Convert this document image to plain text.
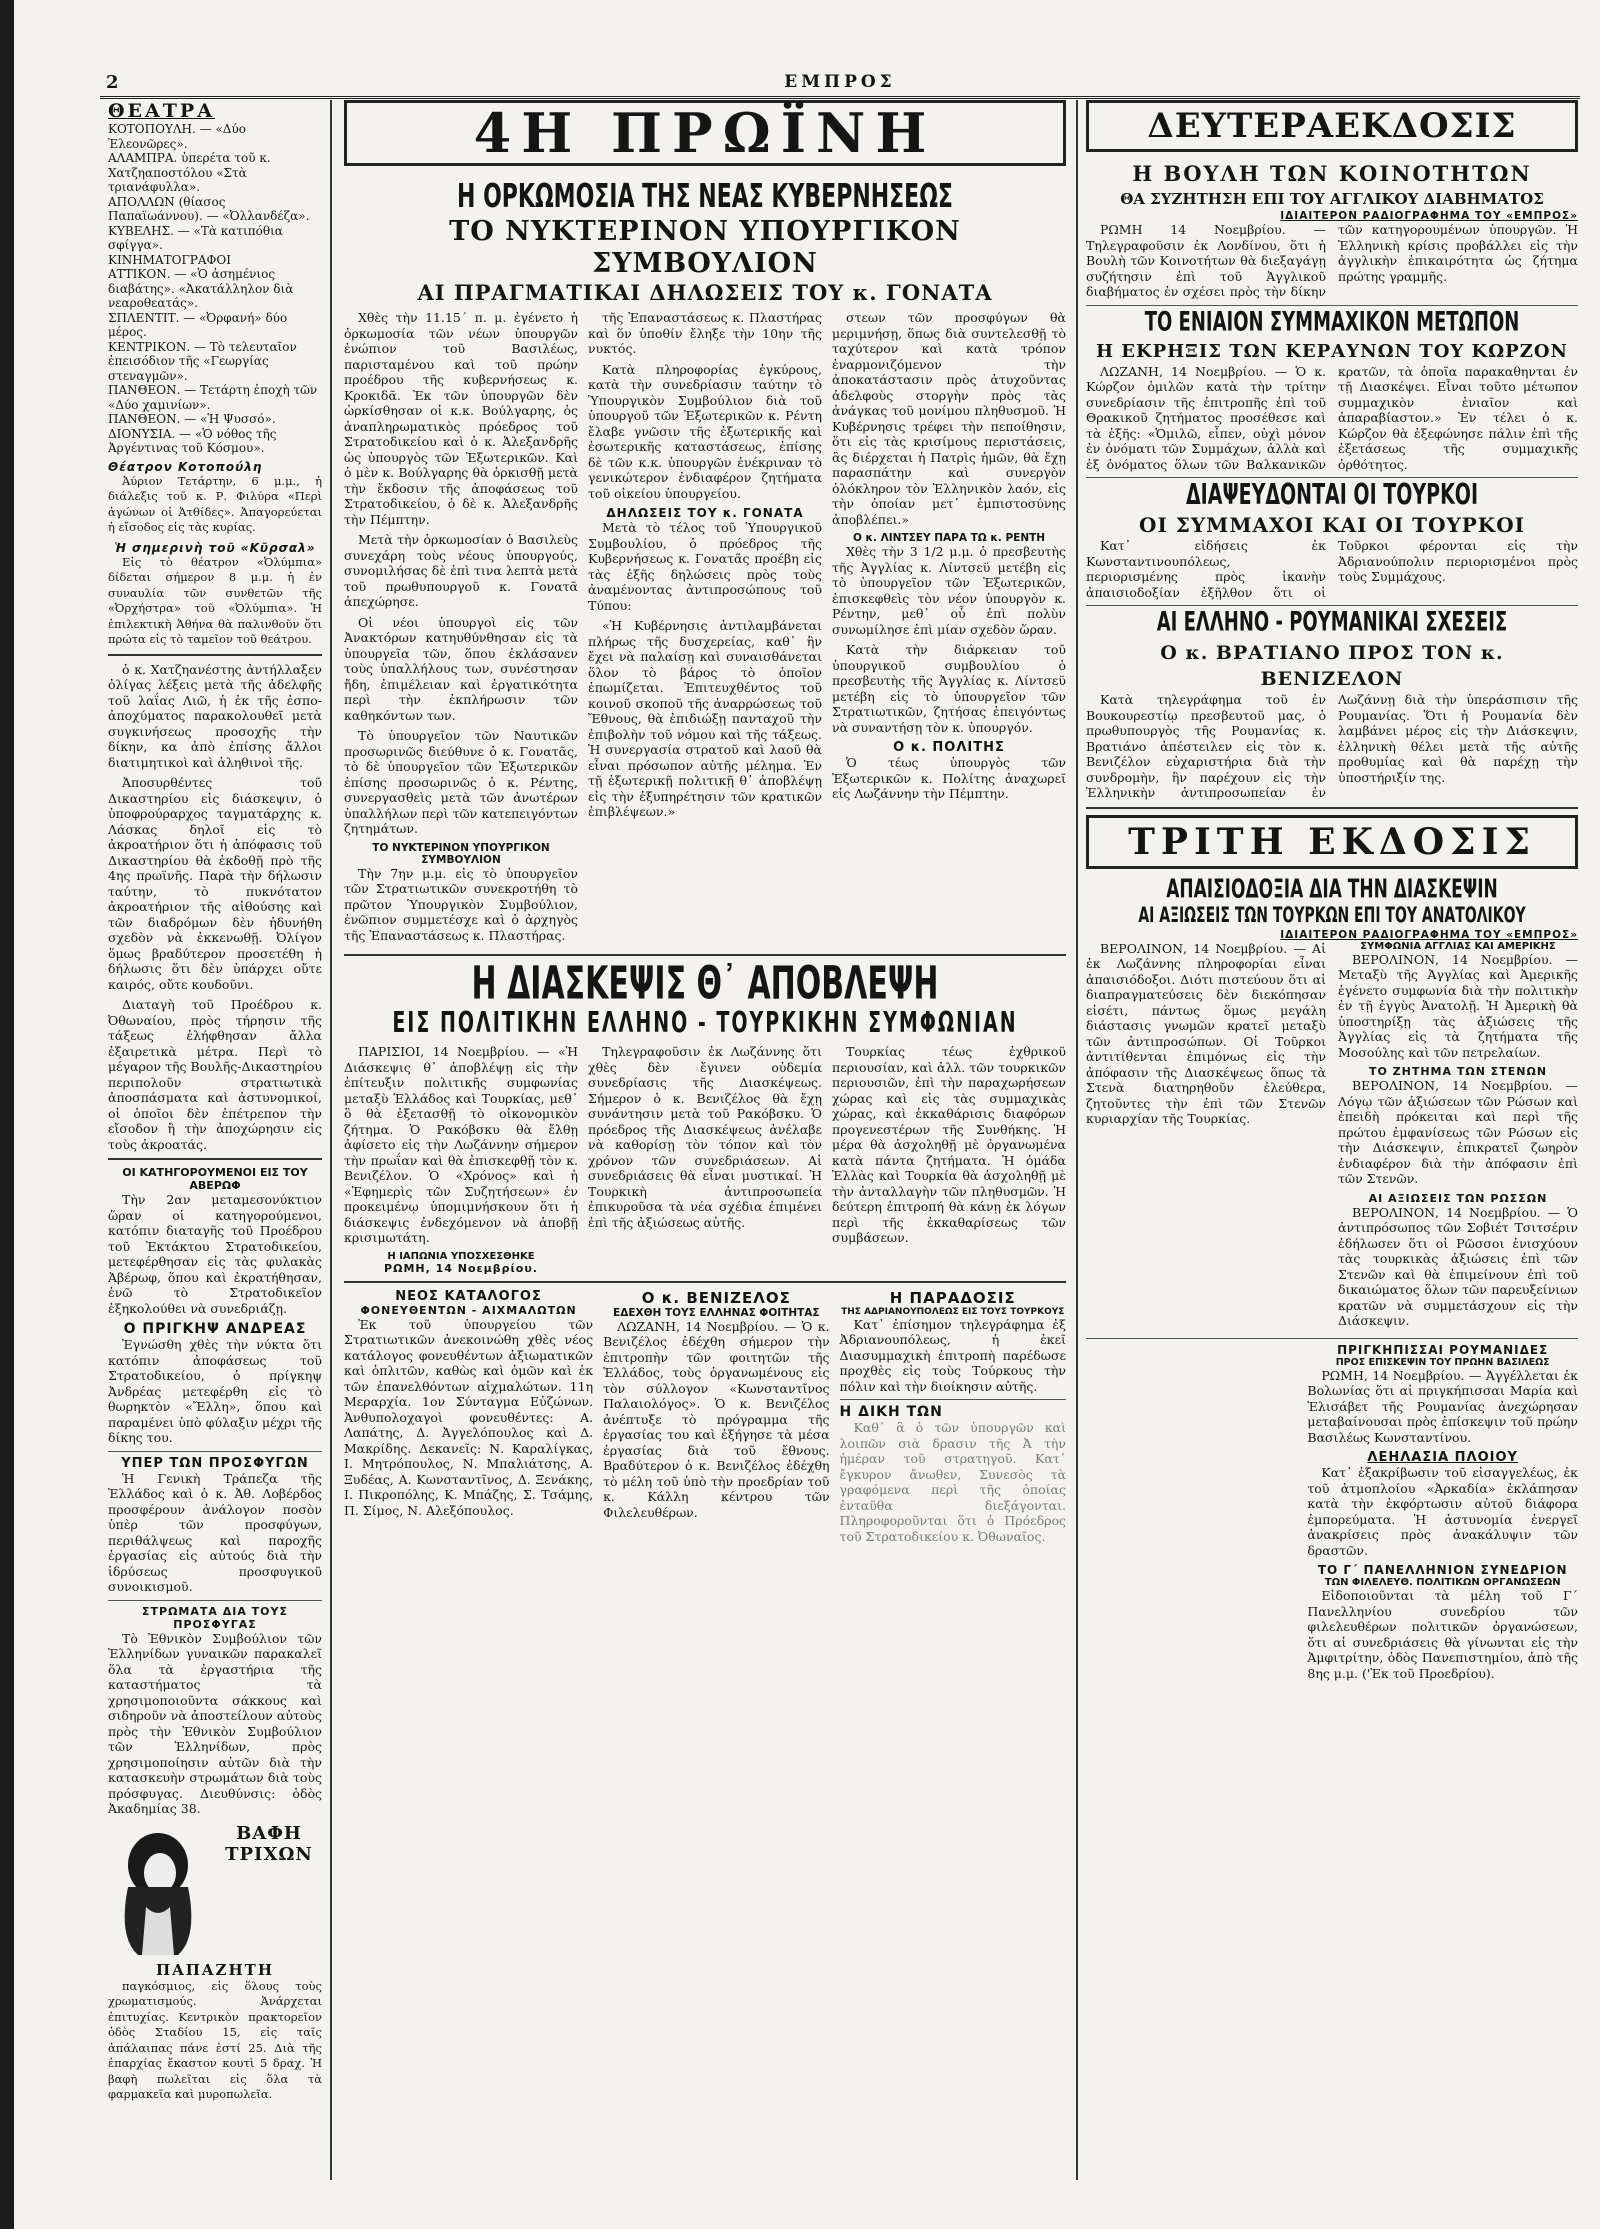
2	ΕΜΠΡΟΣ
ΘΕΑΤΡΑ

ΚΟΤΟΠΟΥΛΗ. — «Δύο Ἐλεονῶρες».

ΑΛΑΜΠΡΑ. ὑπερέτα τοῦ κ. Χατζηαποστόλου «Στὰ τριανάφυλλα».

ΑΠΟΛΛΩΝ (θίασος Παπαϊωάννου). — «Ὀλλανδέζα».

ΚΥΒΕΛΗΣ. — «Τὰ κατιπόθια σφίγγα».

ΚΙΝΗΜΑΤΟΓΡΑΦΟΙ

ΑΤΤΙΚΟΝ. — «Ὁ ἀσημένιος διαβάτης». «Ἀκατάλληλον διὰ νεαροθεατάς».

ΣΠΛΕΝΤΙΤ. — «Ὀρφανή» δύο μέρος.

ΚΕΝΤΡΙΚΟΝ. — Τὸ τελευταῖον ἐπεισόδιον τῆς «Γεωργίας στεναγμῶν».

ΠΑΝΘΕΟΝ. — Τετάρτη ἐποχὴ τῶν «Δύο χαμινίων».

ΠΑΝΘΕΟΝ. — «Ἡ Ψυσσό».

ΔΙΟΝΥΣΙΑ. — «Ὁ νόθος τῆς Ἀργέντινας τοῦ Κόσμου».

Θέατρον Κοτοπούλη

Ἀύριον Τετάρτην, 6 μ.μ., ἡ διάλεξις τοῦ κ. Ρ. Φιλύρα «Περὶ ἀγώνων οἱ Ἀτθίδες». Ἀπαγορεύεται ἡ εἴσοδος εἰς τὰς κυρίας.

Ἡ σημερινὴ τοῦ «Κῦρσαλ»

Εἰς τὸ θέατρον «Ὀλύμπια» δίδεται σήμερον 8 μ.μ. ἡ ἐν συναυλία τῶν συνθετῶν τῆς «Ὀρχήστρα» τοῦ «Ὀλύμπια». Ἡ ἐπιλεκτικὴ Ἀθήνα θὰ παλινθοῦν ὅτι πρώτα εἰς τὸ ταμεῖον τοῦ θεάτρου.

ὁ κ. Χατζηανέστης ἀντήλλαξεν ὀλίγας λέξεις μετὰ τῆς ἀδελφῆς τοῦ λαΐας Λιῶ, ἡ ἐκ τῆς ἐσπο-ἀποχύματος παρακολουθεῖ μετὰ συγκινήσεως προσοχῆς τὴν δίκην, κα ἀπὸ ἐπίσης ἄλλοι διατιμητικοὶ καὶ ἀληθινοὶ τῆς.

Ἀποσυρθέντες τοῦ Δικαστηρίου εἰς διάσκεψιν, ὁ ὑποφρούραρχος ταγματάρχης κ. Λάσκας δηλοῖ εἰς τὸ ἀκροατήριον ὅτι ἡ ἀπόφασις τοῦ Δικαστηρίου θὰ ἐκδοθῇ πρὸ τῆς 4ης πρωϊνῆς. Παρὰ τὴν δήλωσιν ταύτην, τὸ πυκνότατον ἀκροατήριον τῆς αἰθούσης καὶ τῶν διαδρόμων δὲν ἠδυνήθη σχεδὸν νὰ ἐκκενωθῇ. Ὀλίγον ὅμως βραδύτερον προσετέθη ἡ δήλωσις ὅτι δὲν ὑπάρχει οὔτε καιρός, οὔτε κουδοῦνι.

Διαταγὴ τοῦ Προέδρου κ. Ὀθωναίου, πρὸς τήρησιν τῆς τάξεως ἐλήφθησαν ἄλλα ἐξαιρετικὰ μέτρα. Περὶ τὸ μέγαρον τῆς Βουλῆς-Δικαστηρίου περιπολοῦν στρατιωτικὰ ἀποσπάσματα καὶ ἀστυνομικοί, οἱ ὁποῖοι δὲν ἐπέτρεπον τὴν εἴσοδον ἢ τὴν ἀποχώρησιν εἰς τοὺς ἀκροατάς.

ΟΙ ΚΑΤΗΓΟΡΟΥΜΕΝΟΙ ΕΙΣ ΤΟΥ ΑΒΕΡΩΦ

Τὴν 2αν μεταμεσονύκτιον ὥραν οἱ κατηγορούμενοι, κατόπιν διαταγῆς τοῦ Προέδρου τοῦ Ἐκτάκτου Στρατοδικείου, μετεφέρθησαν εἰς τὰς φυλακὰς Ἀβέρωφ, ὅπου καὶ ἐκρατήθησαν, ἐνῶ τὸ Στρατοδικεῖον ἐξηκολούθει νὰ συνεδριάζῃ.

Ο ΠΡΙΓΚΗΨ ΑΝΔΡΕΑΣ

Ἐγνώσθη χθὲς τὴν νύκτα ὅτι κατόπιν ἀποφάσεως τοῦ Στρατοδικείου, ὁ πρίγκηψ Ἀνδρέας μετεφέρθη εἰς τὸ θωρηκτὸν «Ἔλλη», ὅπου καὶ παραμένει ὑπὸ φύλαξιν μέχρι τῆς δίκης του.

ΥΠΕΡ ΤΩΝ ΠΡΟΣΦΥΓΩΝ

Ἡ Γενικὴ Τράπεζα τῆς Ἑλλάδος καὶ ὁ κ. Ἀθ. Λοβέρδος προσφέρουν ἀνάλογον ποσὸν ὑπὲρ τῶν προσφύγων, περιθάλψεως καὶ παροχῆς ἐργασίας εἰς αὐτούς διὰ τὴν ἱδρύσεως προσφυγικοῦ συνοικισμοῦ.

ΣΤΡΩΜΑΤΑ ΔΙΑ ΤΟΥΣ ΠΡΟΣΦΥΓΑΣ

Τὸ Ἐθνικὸν Συμβούλιον τῶν Ἑλληνίδων γυναικῶν παρακαλεῖ ὅλα τὰ ἐργαστήρια τῆς καταστήματος τὰ χρησιμοποιοῦντα σάκκους καὶ σιδηροῦν νὰ ἀποστείλουν αὐτοὺς πρὸς τὴν Ἐθνικὸν Συμβούλιον τῶν Ἑλληνίδων, πρὸς χρησιμοποίησιν αὐτῶν διὰ τὴν κατασκευὴν στρωμάτων διὰ τοὺς πρόσφυγας. Διευθύνσις: ὁδὸς Ἀκαδημίας 38.

ΒΑΦΗ ΤΡΙΧΩΝ
ΠΑΠΑΖΗΤΗ

παγκόσμιος, εἰς ὅλους τοὺς χρωματισμούς. Ἀνάρχεται ἐπιτυχίας. Κεντρικὸν πρακτορεῖον ὁδὸς Σταδίου 15, εἰς ταῖς ἀπάλαιπας πάνε ἐστί 25. Διὰ τῆς ἐπαρχίας ἔκαστον κουτὶ 5 δραχ. Ἡ βαφὴ πωλεῖται εἰς ὅλα τὰ φαρμακεῖα καὶ μυροπωλεῖα.

4Η ΠΡΩΪΝΗ
Η ΟΡΚΩΜΟΣΙΑ ΤΗΣ ΝΕΑΣ ΚΥΒΕΡΝΗΣΕΩΣ
ΤΟ ΝΥΚΤΕΡΙΝΟΝ ΥΠΟΥΡΓΙΚΟΝ ΣΥΜΒΟΥΛΙΟΝ
ΑΙ ΠΡΑΓΜΑΤΙΚΑΙ ΔΗΛΩΣΕΙΣ ΤΟΥ κ. ΓΟΝΑΤΑ

Χθὲς τὴν 11.15΄ π. μ. ἐγένετο ἡ ὁρκωμοσία τῶν νέων ὑπουργῶν ἐνώπιον τοῦ Βασιλέως, παρισταμένου καὶ τοῦ πρώην προέδρου τῆς κυβερνήσεως κ. Κροκιδᾶ. Ἐκ τῶν ὑπουργῶν δὲν ὡρκίσθησαν οἱ κ.κ. Βούλγαρης, ὁς ἀναπληρωματικὸς πρόεδρος τοῦ Στρατοδικείου καὶ ὁ κ. Ἀλεξανδρῆς ὡς ὑπουργὸς τῶν Ἐξωτερικῶν. Καὶ ὁ μὲν κ. Βούλγαρης θὰ ὁρκισθῇ μετὰ τὴν ἔκδοσιν τῆς ἀποφάσεως τοῦ Στρατοδικείου, ὁ δὲ κ. Ἀλεξανδρῆς τὴν Πέμπτην.

Μετὰ τὴν ὁρκωμοσίαν ὁ Βασιλεὺς συνεχάρη τοὺς νέους ὑπουργούς, συνομιλήσας δὲ ἐπὶ τινα λεπτὰ μετὰ τοῦ πρωθυπουργοῦ κ. Γονατᾶ ἀπεχώρησε.

Οἱ νέοι ὑπουργοὶ εἰς τῶν Ἀνακτόρων κατηυθύνθησαν εἰς τὰ ὑπουργεῖα τῶν, ὅπου ἐκλάσανεν τοὺς ὑπαλλήλους των, συνέστησαν ἤδη, ἐπιμέλειαν καὶ ἐργατικότητα περὶ τὴν ἐκπλήρωσιν τῶν καθηκόντων των.

Τὸ ὑπουργεῖον τῶν Ναυτικῶν προσωρινῶς διεύθυνε ὁ κ. Γονατᾶς, τὸ δὲ ὑπουργεῖον τῶν Ἐξωτερικῶν ἐπίσης προσωρινῶς ὁ κ. Ρέντης, συνεργασθεὶς μετὰ τῶν ἀνωτέρων ὑπαλλήλων περὶ τῶν κατεπειγόντων ζητημάτων.

ΤΟ ΝΥΚΤΕΡΙΝΟΝ ΥΠΟΥΡΓΙΚΟΝ ΣΥΜΒΟΥΛΙΟΝ

Τὴν 7ην μ.μ. εἰς τὸ ὑπουργεῖον τῶν Στρατιωτικῶν συνεκροτήθη τὸ πρῶτον Ὑπουργικὸν Συμβούλιον, ἐνῶπιον συμμετέσχε καὶ ὁ ἀρχηγὸς τῆς Ἐπαναστάσεως κ. Πλαστήρας.

τῆς Ἐπαναστάσεως κ. Πλαστήρας καὶ ὅν ὑποθίν ἔληξε τὴν 10ην τῆς νυκτός.

Κατὰ πληροφορίας ἐγκύρους, κατὰ τὴν συνεδρίασιν ταύτην τὸ Ὑπουργικὸν Συμβούλιον διὰ τοῦ ὑπουργοῦ τῶν Ἐξωτερικῶν κ. Ρέντη ἔλαβε γνῶσιν τῆς ἐξωτερικῆς καὶ ἐσωτερικῆς καταστάσεως, ἐπίσης δὲ τῶν κ.κ. ὑπουργῶν ἐνέκριναν τὸ γενικώτερον ἐνδιαφέρον ζητήματα τοῦ οἰκείου ὑπουργείου.

ΔΗΛΩΣΕΙΣ ΤΟΥ κ. ΓΟΝΑΤΑ

Μετὰ τὸ τέλος τοῦ Ὑπουργικοῦ Συμβουλίου, ὁ πρόεδρος τῆς Κυβερνήσεως κ. Γονατᾶς προέβη εἰς τὰς ἑξῆς δηλώσεις πρὸς τοὺς ἀναμένοντας ἀντιπροσώπους τοῦ Τύπου:

«Ἡ Κυβέρνησις ἀντιλαμβάνεται πλήρως τῆς δυσχερείας, καθ᾽ ἣν ἔχει νὰ παλαίσῃ καὶ συναισθάνεται ὅλον τὸ βάρος τὸ ὁποῖον ἐπωμίζεται. Ἐπιτευχθέντος τοῦ κοινοῦ σκοποῦ τῆς ἀναρρώσεως τοῦ Ἔθνους, θὰ ἐπιδιώξῃ πανταχοῦ τὴν ἐπιβολὴν τοῦ νόμου καὶ τῆς τάξεως. Ἡ συνεργασία στρατοῦ καὶ λαοῦ θὰ εἶναι πρόσωπον αὐτῆς μέλημα. Ἐν τῇ ἐξωτερικῇ πολιτικῇ θ᾽ ἀποβλέψῃ εἰς τὴν ἐξυπηρέτησιν τῶν κρατικῶν ἐπιβλέψεων.»

στεων τῶν προσφύγων θὰ μεριμνήσῃ, ὅπως διὰ συντελεσθῇ τὸ ταχύτερον καὶ κατὰ τρόπον ἐναρμονιζόμενον τὴν ἀποκατάστασιν πρὸς ἀτυχοῦντας ἀδελφοὺς στοργὴν πρὸς τὰς ἀνάγκας τοῦ μονίμου πληθυσμοῦ. Ἡ Κυβέρνησις τρέφει τὴν πεποίθησιν, ὅτι εἰς τὰς κρισίμους περιστάσεις, ἃς διέρχεται ἡ Πατρὶς ἡμῶν, θὰ ἔχῃ παρασπάτην καὶ συνεργὸν ὁλόκληρον τὸν Ἑλληνικὸν λαόν, εἰς τὴν ὁποίαν μετ᾽ ἐμπιστοσύνης ἀποβλέπει.»

Ο κ. ΛΙΝΤΣΕΥ ΠΑΡΑ ΤΩ κ. ΡΕΝΤΗ

Χθὲς τὴν 3 1/2 μ.μ. ὁ πρεσβευτὴς τῆς Ἀγγλίας κ. Λίντσεϋ μετέβη εἰς τὸ ὑπουργεῖον τῶν Ἐξωτερικῶν, ἐπισκεφθεὶς τὸν νέον ὑπουργὸν κ. Ρέντην, μεθ᾽ οὗ ἐπὶ πολὺν συνωμίλησε ἐπὶ μίαν σχεδὸν ὥραν.

Κατὰ τὴν διάρκειαν τοῦ ὑπουργικοῦ συμβουλίου ὁ πρεσβευτὴς τῆς Ἀγγλίας κ. Λίντσεϋ μετέβη εἰς τὸ ὑπουργεῖον τῶν Στρατιωτικῶν, ζητήσας ἐπειγόντως νὰ συναντήσῃ τὸν κ. ὑπουργόν.

Ο κ. ΠΟΛΙΤΗΣ

Ὁ τέως ὑπουργὸς τῶν Ἐξωτερικῶν κ. Πολίτης ἀναχωρεῖ εἰς Λωζάννην τὴν Πέμπτην.

Η ΔΙΑΣΚΕΨΙΣ Θ᾽ ΑΠΟΒΛΕΨΗ
ΕΙΣ ΠΟΛΙΤΙΚΗΝ ΕΛΛΗΝΟ - ΤΟΥΡΚΙΚΗΝ ΣΥΜΦΩΝΙΑΝ

ΠΑΡΙΣΙΟΙ, 14 Νοεμβρίου. — «Ἡ Διάσκεψις θ᾽ ἀποβλέψῃ εἰς τὴν ἐπίτευξιν πολιτικῆς συμφωνίας μεταξὺ Ἑλλάδος καὶ Τουρκίας, μεθ᾽ ὃ θὰ ἐξετασθῇ τὸ οἰκονομικὸν ζήτημα. Ὁ Ρακόβσκυ θὰ ἔλθῃ ἀφίσετο εἰς τὴν Λωζάννην σήμερον τὴν πρωΐαν καὶ θὰ ἐπισκεφθῇ τὸν κ. Βενιζέλον. Ὁ «Χρόνος» καὶ ἡ «Ἐφημερὶς τῶν Συζητήσεων» ἐν προκειμένῳ ὑπομιμνήσκουν ὅτι ἡ διάσκεψις ἐνδεχόμενον νὰ ἀποβῇ κρισιμωτάτη.

Η ΙΑΠΩΝΙΑ ΥΠΟΣΧΕΣΘΗΚΕ
ΡΩΜΗ, 14 Νοεμβρίου.

Τηλεγραφοῦσιν ἐκ Λωζάννης ὅτι χθὲς δὲν ἔγινεν οὐδεμία συνεδρίασις τῆς Διασκέψεως. Σήμερον ὁ κ. Βενιζέλος θὰ ἔχῃ συνάντησιν μετὰ τοῦ Ρακόβσκυ. Ὁ πρόεδρος τῆς Διασκέψεως ἀνέλαβε νὰ καθορίσῃ τὸν τόπον καὶ τὸν χρόνον τῶν συνεδριάσεων. Αἱ συνεδριάσεις θὰ εἶναι μυστικαί. Ἡ Τουρκικὴ ἀντιπροσωπεία ἐπικυροῦσα τὰ νέα σχέδια ἐπιμένει ἐπὶ τῆς ἀξιώσεως αὐτῆς.

Τουρκίας τέως ἐχθρικοῦ περιουσίαν, καὶ ἀλλ. τῶν τουρκικῶν περιουσιῶν, ἐπὶ τὴν παραχωρήσεων χώρας καὶ εἰς τὰς συμμαχικὰς χώρας, καὶ ἐκκαθάρισις διαφόρων προγενεστέρων τῆς Συνθήκης. Ἡ μέρα θὰ ἀσχοληθῇ μὲ ὀργανωμένα κατὰ πάντα ζητήματα. Ἡ ὁμάδα Ἑλλὰς καὶ Τουρκία θὰ ἀσχοληθῇ μὲ τὴν ἀνταλλαγὴν τῶν πληθυσμῶν. Ἡ δεύτερη ἐπιτροπή θὰ κάνῃ ἐκ λόγων περὶ τῆς ἐκκαθαρίσεως τῶν συμβάσεων.

ΝΕΟΣ ΚΑΤΑΛΟΓΟΣ
ΦΟΝΕΥΘΕΝΤΩΝ - ΑΙΧΜΑΛΩΤΩΝ

Ἐκ τοῦ ὑπουργείου τῶν Στρατιωτικῶν ἀνεκοινώθη χθὲς νέος κατάλογος φονευθέντων ἀξιωματικῶν καὶ ὁπλιτῶν, καθὼς καὶ ὁμῶν καὶ ἐκ τῶν ἐπανελθόντων αἰχμαλώτων. 11η Μεραρχία. 1ον Σύνταγμα Εὐζώνων. Ἀνθυπολοχαγοὶ φονευθέντες: Α. Λαπάτης, Δ. Ἀγγελόπουλος καὶ Δ. Μακρίδης. Δεκανεῖς: Ν. Καραλίγκας, Ι. Μητρόπουλος, Ν. Μπαλιάτσης, Α. Ξυδέας, Α. Κωνσταντῖνος, Δ. Ξενάκης, Ι. Πικροπόλης, Κ. Μπάζης, Σ. Τσάμης, Π. Σίμος, Ν. Αλεξόπουλος.

Ο κ. ΒΕΝΙΖΕΛΟΣ
ΕΔΕΧΘΗ ΤΟΥΣ ΕΛΛΗΝΑΣ ΦΟΙΤΗΤΑΣ

ΛΩΖΑΝΗ, 14 Νοεμβρίου. — Ὁ κ. Βενιζέλος ἐδέχθη σήμερον τὴν ἐπιτροπὴν τῶν φοιτητῶν τῆς Ἑλλάδος, τοὺς ὀργανωμένους εἰς τὸν σύλλογον «Κωνσταντῖνος Παλαιολόγος». Ὁ κ. Βενιζέλος ἀνέπτυξε τὸ πρόγραμμα τῆς ἐργασίας του καὶ ἐξήγησε τὰ μέσα ἐργασίας διὰ τοῦ ἔθνους. Βραδύτερον ὁ κ. Βενιζέλος ἐδέχθη τὸ μέλη τοῦ ὑπὸ τὴν προεδρίαν τοῦ κ. Κάλλη κέντρου τῶν Φιλελευθέρων.

Η ΠΑΡΑΔΟΣΙΣ
ΤΗΣ ΑΔΡΙΑΝΟΥΠΟΛΕΩΣ ΕΙΣ ΤΟΥΣ ΤΟΥΡΚΟΥΣ

Κατ᾽ ἐπίσημον τηλεγράφημα ἐξ Ἀδριανουπόλεως, ἡ ἐκεῖ Διασυμμαχικὴ ἐπιτροπὴ παρέδωσε προχθὲς εἰς τοὺς Τούρκους τὴν πόλιν καὶ τὴν διοίκησιν αὐτῆς.

Η ΔΙΚΗ ΤΩΝ

Καθ᾽ ἃ ὁ τῶν ὑπουργῶν καὶ λοιπῶν σιὰ δρασιν τῆς Ἀ τὴν ἡμέραν τοῦ στρατηγοῦ. Κατ᾽ ἔγκυρον ἄνωθεν, Συνεσὸς τὰ γραφόμενα περὶ τῆς ὁποίας ἐνταῦθα διεξάγονται. Πληροφοροῦνται ὅτι ὁ Πρόεδρος τοῦ Στρατοδικείου κ. Ὀθωναῖος.

ΔΕΥΤΕΡΑΕΚΔΟΣΙΣ
Η ΒΟΥΛΗ ΤΩΝ ΚΟΙΝΟΤΗΤΩΝ
ΘΑ ΣΥΖΗΤΗΣΗ ΕΠΙ ΤΟΥ ΑΓΓΛΙΚΟΥ ΔΙΑΒΗΜΑΤΟΣ
ΙΔΙΑΙΤΕΡΟΝ ΡΑΔΙΟΓΡΑΦΗΜΑ ΤΟΥ «ΕΜΠΡΟΣ»

ΡΩΜΗ 14 Νοεμβρίου. — Τηλεγραφοῦσιν ἐκ Λονδίνου, ὅτι ἡ Βουλὴ τῶν Κοινοτήτων θὰ διεξαγάγῃ συζήτησιν ἐπὶ τοῦ Ἀγγλικοῦ διαβήματος ἐν σχέσει πρὸς τὴν δίκην τῶν κατηγορουμένων ὑπουργῶν. Ἡ Ἑλληνικὴ κρίσις προβάλλει εἰς τὴν ἀγγλικὴν ἐπικαιρότητα ὡς ζήτημα πρώτης γραμμῆς.

ΤΟ ΕΝΙΑΙΟΝ ΣΥΜΜΑΧΙΚΟΝ ΜΕΤΩΠΟΝ
Η ΕΚΡΗΞΙΣ ΤΩΝ ΚΕΡΑΥΝΩΝ ΤΟΥ ΚΩΡΖΟΝ

ΛΩΖΑΝΗ, 14 Νοεμβρίου. — Ὁ κ. Κώρζον ὁμιλῶν κατὰ τὴν τρίτην συνεδρίασιν τῆς ἐπιτροπῆς ἐπὶ τοῦ Θρακικοῦ ζητήματος προσέθεσε καὶ τὰ ἑξῆς: «Ὁμιλῶ, εἶπεν, οὐχὶ μόνον ἐν ὀνόματι τῶν Συμμάχων, ἀλλὰ καὶ ἐξ ὀνόματος ὅλων τῶν Βαλκανικῶν κρατῶν, τὰ ὁποῖα παρακαθηνται ἐν τῇ Διασκέψει. Εἶναι τοῦτο μέτωπον συμμαχικὸν ἑνιαῖον καὶ ἀπαραβίαστον.» Ἐν τέλει ὁ κ. Κώρζον θὰ ἐξεφώνησε πάλιν ἐπὶ τῆς ἐξετάσεως τῆς συμμαχικῆς ὀρθότητος.

ΔΙΑΨΕΥΔΟΝΤΑΙ ΟΙ ΤΟΥΡΚΟΙ
ΟΙ ΣΥΜΜΑΧΟΙ ΚΑΙ ΟΙ ΤΟΥΡΚΟΙ

Κατ᾽ εἰδήσεις ἐκ Κωνσταντινουπόλεως, περιορισμένης πρὸς ἱκανὴν ἀπαισιοδοξίαν ἐξῆλθον ὅτι οἱ Τοῦρκοι φέρονται εἰς τὴν Ἀδριανούπολιν περιορισμένοι πρὸς τοὺς Συμμάχους.

ΑΙ ΕΛΛΗΝΟ - ΡΟΥΜΑΝΙΚΑΙ ΣΧΕΣΕΙΣ
Ο κ. ΒΡΑΤΙΑΝΟ ΠΡΟΣ ΤΟΝ κ. ΒΕΝΙΖΕΛΟΝ

Κατὰ τηλεγράφημα τοῦ ἐν Βουκουρεστίῳ πρεσβευτοῦ μας, ὁ πρωθυπουργὸς τῆς Ρουμανίας κ. Βρατιάνο ἀπέστειλεν εἰς τὸν κ. Βενιζέλον εὐχαριστήρια διὰ τὴν συνδρομὴν, ἣν παρέχουν εἰς τὴν Ἑλληνικὴν ἀντιπροσωπείαν ἐν Λωζάννῃ διὰ τὴν ὑπεράσπισιν τῆς Ρουμανίας. Ὅτι ἡ Ρουμανία δὲν λαμβάνει μέρος εἰς τὴν Διάσκεψιν, ἑλληνικὴ θέλει μετὰ τῆς αὐτῆς προθυμίας καὶ θὰ παρέχῃ τὴν ὑποστήριξίν της.

ΤΡΙΤΗ ΕΚΔΟΣΙΣ
ΑΠΑΙΣΙΟΔΟΞΙΑ ΔΙΑ ΤΗΝ ΔΙΑΣΚΕΨΙΝ
ΑΙ ΑΞΙΩΣΕΙΣ ΤΩΝ ΤΟΥΡΚΩΝ ΕΠΙ ΤΟΥ ΑΝΑΤΟΛΙΚΟΥ
ΙΔΙΑΙΤΕΡΟΝ ΡΑΔΙΟΓΡΑΦΗΜΑ ΤΟΥ «ΕΜΠΡΟΣ»

ΒΕΡΟΛΙΝΟΝ, 14 Νοεμβρίου. — Αἱ ἐκ Λωζάννης πληροφορίαι εἶναι ἀπαισιόδοξοι. Διότι πιστεύουν ὅτι αἱ διαπραγματεύσεις δὲν διεκόπησαν εἰσέτι, πάντως ὅμως μεγάλη διάστασις γνωμῶν κρατεῖ μεταξὺ τῶν ἀντιπροσώπων. Οἱ Τοῦρκοι ἀντιτίθενται ἐπιμόνως εἰς τὴν ἀπόφασιν τῆς Διασκέψεως ὅπως τὰ Στενὰ διατηρηθοῦν ἐλεύθερα, ζητοῦντες τὴν ἐπὶ τῶν Στενῶν κυριαρχίαν τῆς Τουρκίας.

ΣΥΜΦΩΝΙΑ ΑΓΓΛΙΑΣ ΚΑΙ ΑΜΕΡΙΚΗΣ

ΒΕΡΟΛΙΝΟΝ, 14 Νοεμβρίου. — Μεταξὺ τῆς Ἀγγλίας καὶ Ἀμερικῆς ἐγένετο συμφωνία διὰ τὴν πολιτικὴν ἐν τῇ ἐγγὺς Ἀνατολῇ. Ἡ Ἀμερικὴ θὰ ὑποστηρίξῃ τὰς ἀξιώσεις τῆς Ἀγγλίας εἰς τὰ ζητήματα τῆς Μοσούλης καὶ τῶν πετρελαίων.

ΤΟ ΖΗΤΗΜΑ ΤΩΝ ΣΤΕΝΩΝ

ΒΕΡΟΛΙΝΟΝ, 14 Νοεμβρίου. — Λόγῳ τῶν ἀξιώσεων τῶν Ρώσων καὶ ἐπειδὴ πρόκειται καὶ περὶ τῆς πρώτου ἐμφανίσεως τῶν Ρώσων εἰς τὴν Διάσκεψιν, ἐπικρατεῖ ζωηρὸν ἐνδιαφέρον διὰ τὴν ἀπόφασιν ἐπὶ τῶν Στενῶν.

ΑΙ ΑΞΙΩΣΕΙΣ ΤΩΝ ΡΩΣΣΩΝ

ΒΕΡΟΛΙΝΟΝ, 14 Νοεμβρίου. — Ὁ ἀντιπρόσωπος τῶν Σοβιέτ Τσιτσέριν ἐδήλωσεν ὅτι οἱ Ρῶσσοι ἐνισχύουν τὰς τουρκικὰς ἀξιώσεις ἐπὶ τῶν Στενῶν καὶ θὰ ἐπιμείνουν ἐπὶ τοῦ δικαιώματος ὅλων τῶν παρευξείνιων κρατῶν νὰ συμμετάσχουν εἰς τὴν Διάσκεψιν.

ΠΡΙΓΚΗΠΙΣΣΑΙ ΡΟΥΜΑΝΙΔΕΣ
ΠΡΟΣ ΕΠΙΣΚΕΨΙΝ ΤΟΥ ΠΡΩΗΝ ΒΑΣΙΛΕΩΣ

ΡΩΜΗ, 14 Νοεμβρίου. — Ἀγγέλλεται ἐκ Βολωνίας ὅτι αἱ πριγκήπισσαι Μαρία καὶ Ἑλισάβετ τῆς Ρουμανίας ἀνεχώρησαν μεταβαίνουσαι πρὸς ἐπίσκεψιν τοῦ πρώην Βασιλέως Κωνσταντίνου.

ΛΕΗΛΑΣΙΑ ΠΛΟΙΟΥ

Κατ᾽ ἐξακρίβωσιν τοῦ εἰσαγγελέως, ἐκ τοῦ ἀτμοπλοίου «Ἀρκαδία» ἐκλάπησαν κατὰ τὴν ἐκφόρτωσιν αὐτοῦ διάφορα ἐμπορεύματα. Ἡ ἀστυνομία ἐνεργεῖ ἀνακρίσεις πρὸς ἀνακάλυψιν τῶν δραστῶν.

ΤΟ Γ΄ ΠΑΝΕΛΛΗΝΙΟΝ ΣΥΝΕΔΡΙΟΝ
ΤΩΝ ΦΙΛΕΛΕΥΘ. ΠΟΛΙΤΙΚΩΝ ΟΡΓΑΝΩΣΕΩΝ

Εἰδοποιοῦνται τὰ μέλη τοῦ Γ΄ Πανελληνίου συνεδρίου τῶν φιλελευθέρων πολιτικῶν ὀργανώσεων, ὅτι αἱ συνεδριάσεις θὰ γίνωνται εἰς τὴν Ἀμφιτρίτην, ὁδὸς Πανεπιστημίου, ἀπὸ τῆς 8ης μ.μ. ('Ἐκ τοῦ Προεδρίου).
